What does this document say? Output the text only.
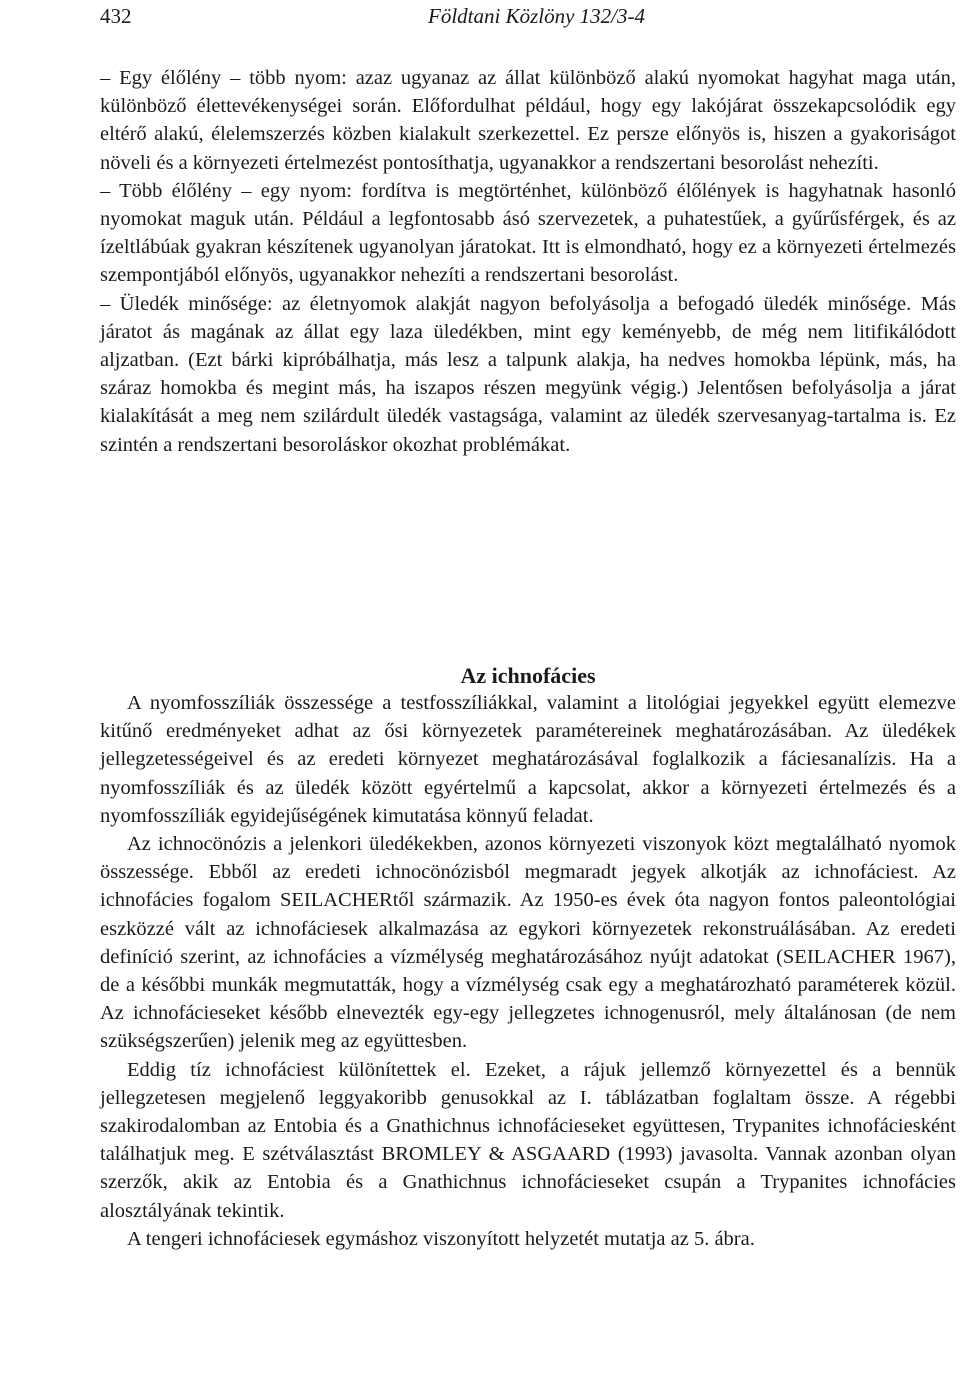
432	Földtani Közlöny 132/3-4

– Egy élőlény – több nyom: azaz ugyanaz az állat különböző alakú nyomokat hagyhat maga után, különböző élettevékenységei során. Előfordulhat például, hogy egy lakójárat összekapcsolódik egy eltérő alakú, élelemszerzés közben kialakult szerkezettel. Ez persze előnyös is, hiszen a gyakoriságot növeli és a környezeti értelmezést pontosíthatja, ugyanakkor a rendszertani besorolást nehezíti.

– Több élőlény – egy nyom: fordítva is megtörténhet, különböző élőlények is hagyhatnak hasonló nyomokat maguk után. Például a legfontosabb ásó szervezetek, a puhatestűek, a gyűrűsférgek, és az ízeltlábúak gyakran készítenek ugyanolyan járatokat. Itt is elmondható, hogy ez a környezeti értelmezés szempontjából előnyös, ugyanakkor nehezíti a rendszertani besorolást.

– Üledék minősége: az életnyomok alakját nagyon befolyásolja a befogadó üledék minősége. Más járatot ás magának az állat egy laza üledékben, mint egy keményebb, de még nem litifikálódott aljzatban. (Ezt bárki kipróbálhatja, más lesz a talpunk alakja, ha nedves homokba lépünk, más, ha száraz homokba és megint más, ha iszapos részen megyünk végig.) Jelentősen befolyásolja a járat kialakítását a meg nem szilárdult üledék vastagsága, valamint az üledék szervesanyag-tartalma is. Ez szintén a rendszertani besoroláskor okozhat problémákat.

Az ichnofácies

A nyomfosszíliák összessége a testfosszíliákkal, valamint a litológiai jegyekkel együtt elemezve kitűnő eredményeket adhat az ősi környezetek paramétereinek meghatározásában. Az üledékek jellegzetességeivel és az eredeti környezet meghatározásával foglalkozik a fáciesanalízis. Ha a nyomfosszíliák és az üledék között egyértelmű a kapcsolat, akkor a környezeti értelmezés és a nyomfosszíliák egyidejűségének kimutatása könnyű feladat.

Az ichnocönózis a jelenkori üledékekben, azonos környezeti viszonyok közt megtalálható nyomok összessége. Ebből az eredeti ichnocönózisból megmaradt jegyek alkotják az ichnofáciest. Az ichnofácies fogalom SEILACHERtől származik. Az 1950-es évek óta nagyon fontos paleontológiai eszközzé vált az ichnofáciesek alkalmazása az egykori környezetek rekonstruálásában. Az eredeti definíció szerint, az ichnofácies a vízmélység meghatározásához nyújt adatokat (SEILACHER 1967), de a későbbi munkák megmutatták, hogy a vízmélység csak egy a meghatározható paraméterek közül. Az ichnofácieseket később elnevezték egy-egy jellegzetes ichnogenusról, mely általánosan (de nem szükségszerűen) jelenik meg az együttesben.

Eddig tíz ichnofáciest különítettek el. Ezeket, a rájuk jellemző környezettel és a bennük jellegzetesen megjelenő leggyakoribb genusokkal az I. táblázatban foglaltam össze. A régebbi szakirodalomban az Entobia és a Gnathichnus ichnofácieseket együttesen, Trypanites ichnofáciesként találhatjuk meg. E szétválasztást BROMLEY & ASGAARD (1993) javasolta. Vannak azonban olyan szerzők, akik az Entobia és a Gnathichnus ichnofácieseket csupán a Trypanites ichnofácies alosztályának tekintik.

A tengeri ichnofáciesek egymáshoz viszonyított helyzetét mutatja az 5. ábra.
